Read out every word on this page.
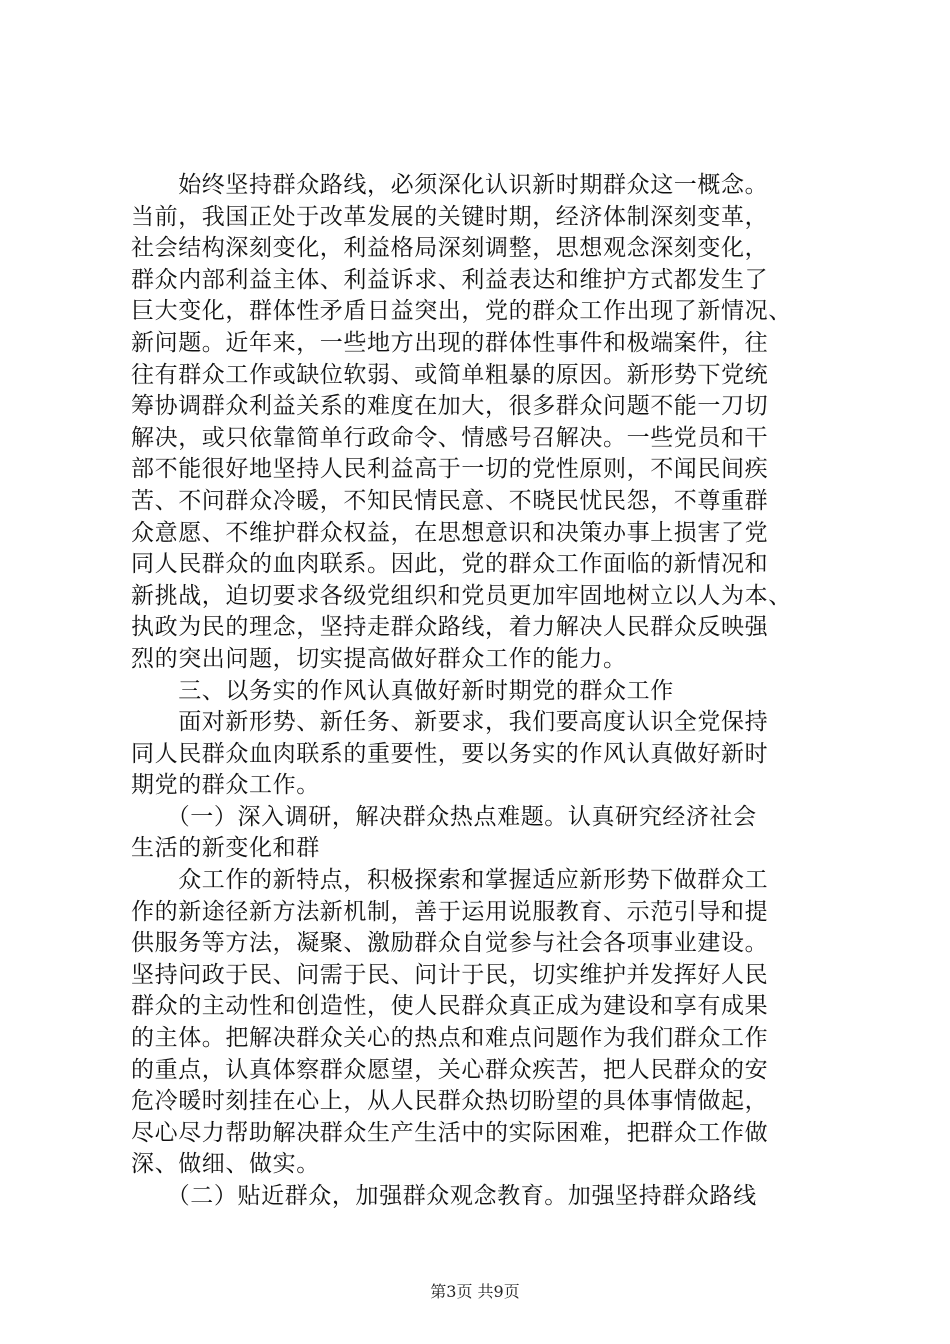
　　始终坚持群众路线，必须深化认识新时期群众这一概念。
当前，我国正处于改革发展的关键时期，经济体制深刻变革，
社会结构深刻变化，利益格局深刻调整，思想观念深刻变化，
群众内部利益主体、利益诉求、利益表达和维护方式都发生了
巨大变化，群体性矛盾日益突出，党的群众工作出现了新情况、
新问题。近年来，一些地方出现的群体性事件和极端案件，往
往有群众工作或缺位软弱、或简单粗暴的原因。新形势下党统
筹协调群众利益关系的难度在加大，很多群众问题不能一刀切
解决，或只依靠简单行政命令、情感号召解决。一些党员和干
部不能很好地坚持人民利益高于一切的党性原则，不闻民间疾
苦、不问群众冷暖，不知民情民意、不晓民忧民怨，不尊重群
众意愿、不维护群众权益，在思想意识和决策办事上损害了党
同人民群众的血肉联系。因此，党的群众工作面临的新情况和
新挑战，迫切要求各级党组织和党员更加牢固地树立以人为本、
执政为民的理念，坚持走群众路线，着力解决人民群众反映强
烈的突出问题，切实提高做好群众工作的能力。
　　三、以务实的作风认真做好新时期党的群众工作
　　面对新形势、新任务、新要求，我们要高度认识全党保持
同人民群众血肉联系的重要性，要以务实的作风认真做好新时
期党的群众工作。
　　（一）深入调研，解决群众热点难题。认真研究经济社会
生活的新变化和群
　　众工作的新特点，积极探索和掌握适应新形势下做群众工
作的新途径新方法新机制，善于运用说服教育、示范引导和提
供服务等方法，凝聚、激励群众自觉参与社会各项事业建设。
坚持问政于民、问需于民、问计于民，切实维护并发挥好人民
群众的主动性和创造性，使人民群众真正成为建设和享有成果
的主体。把解决群众关心的热点和难点问题作为我们群众工作
的重点，认真体察群众愿望，关心群众疾苦，把人民群众的安
危冷暖时刻挂在心上，从人民群众热切盼望的具体事情做起，
尽心尽力帮助解决群众生产生活中的实际困难，把群众工作做
深、做细、做实。
　　（二）贴近群众，加强群众观念教育。加强坚持群众路线
第3页 共9页
